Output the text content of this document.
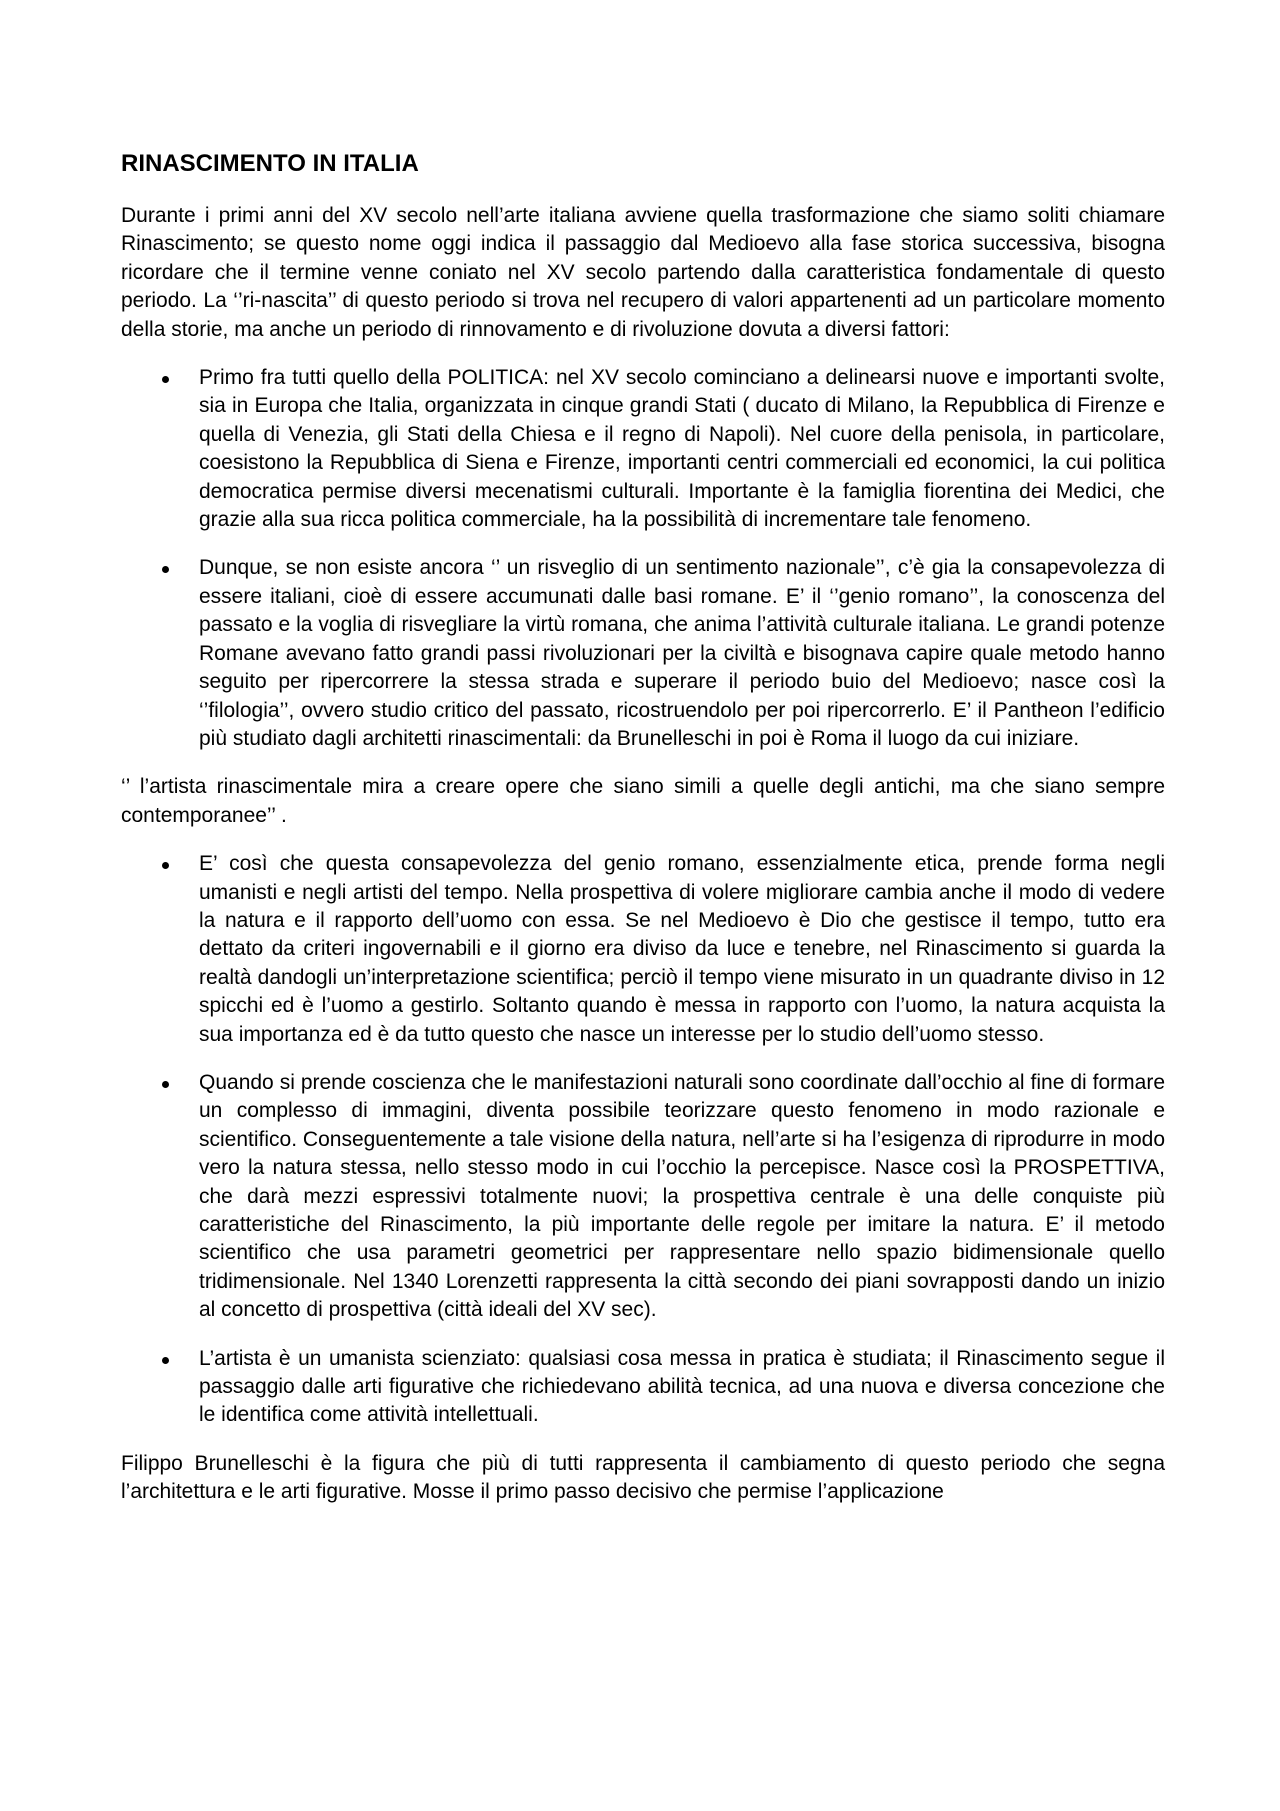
RINASCIMENTO IN ITALIA

Durante i primi anni del XV secolo nell’arte italiana avviene quella trasformazione che siamo soliti chiamare Rinascimento; se questo nome oggi indica il passaggio dal Medioevo alla fase storica successiva, bisogna ricordare che il termine venne coniato nel XV secolo partendo dalla caratteristica fondamentale di questo periodo. La ‘’ri-nascita’’ di questo periodo si trova nel recupero di valori appartenenti ad un particolare momento della storie, ma anche un periodo di rinnovamento e di rivoluzione dovuta a diversi fattori:

Primo fra tutti quello della POLITICA: nel XV secolo cominciano a delinearsi nuove e importanti svolte, sia in Europa che Italia, organizzata in cinque grandi Stati ( ducato di Milano, la Repubblica di Firenze e quella di Venezia, gli Stati della Chiesa e il regno di Napoli). Nel cuore della penisola, in particolare, coesistono la Repubblica di Siena e Firenze, importanti centri commerciali ed economici, la cui politica democratica permise diversi mecenatismi culturali. Importante è la famiglia fiorentina dei Medici, che grazie alla sua ricca politica commerciale, ha la possibilità di incrementare tale fenomeno.
Dunque, se non esiste ancora ‘’ un risveglio di un sentimento nazionale’’, c’è gia la consapevolezza di essere italiani, cioè di essere accumunati dalle basi romane. E’ il ‘’genio romano’’, la conoscenza del passato e la voglia di risvegliare la virtù romana, che anima l’attività culturale italiana. Le grandi potenze Romane avevano fatto grandi passi rivoluzionari per la civiltà e bisognava capire quale metodo hanno seguito per ripercorrere la stessa strada e superare il periodo buio del Medioevo; nasce così la ‘’filologia’’, ovvero studio critico del passato, ricostruendolo per poi ripercorrerlo. E’ il Pantheon l’edificio più studiato dagli architetti rinascimentali: da Brunelleschi in poi è Roma il luogo da cui iniziare.

‘’ l’artista rinascimentale mira a creare opere che siano simili a quelle degli antichi, ma che siano sempre contemporanee’’ .

E’ così che questa consapevolezza del genio romano, essenzialmente etica, prende forma negli umanisti e negli artisti del tempo. Nella prospettiva di volere migliorare cambia anche il modo di vedere la natura e il rapporto dell’uomo con essa. Se nel Medioevo è Dio che gestisce il tempo, tutto era dettato da criteri ingovernabili e il giorno era diviso da luce e tenebre, nel Rinascimento si guarda la realtà dandogli un’interpretazione scientifica; perciò il tempo viene misurato in un quadrante diviso in 12 spicchi ed è l’uomo a gestirlo. Soltanto quando è messa in rapporto con l’uomo, la natura acquista la sua importanza ed è da tutto questo che nasce un interesse per lo studio dell’uomo stesso.
Quando si prende coscienza che le manifestazioni naturali sono coordinate dall’occhio al fine di formare un complesso di immagini, diventa possibile teorizzare questo fenomeno in modo razionale e scientifico. Conseguentemente a tale visione della natura, nell’arte si ha l’esigenza di riprodurre in modo vero la natura stessa, nello stesso modo in cui l’occhio la percepisce. Nasce così la PROSPETTIVA, che darà mezzi espressivi totalmente nuovi; la prospettiva centrale è una delle conquiste più caratteristiche del Rinascimento, la più importante delle regole per imitare la natura. E’ il metodo scientifico che usa parametri geometrici per rappresentare nello spazio bidimensionale quello tridimensionale. Nel 1340 Lorenzetti rappresenta la città secondo dei piani sovrapposti dando un inizio al concetto di prospettiva (città ideali del XV sec).
L’artista è un umanista scienziato: qualsiasi cosa messa in pratica è studiata; il Rinascimento segue il passaggio dalle arti figurative che richiedevano abilità tecnica, ad una nuova e diversa concezione che le identifica come attività intellettuali.

Filippo Brunelleschi è la figura che più di tutti rappresenta il cambiamento di questo periodo che segna l’architettura e le arti figurative. Mosse il primo passo decisivo che permise l’applicazione
